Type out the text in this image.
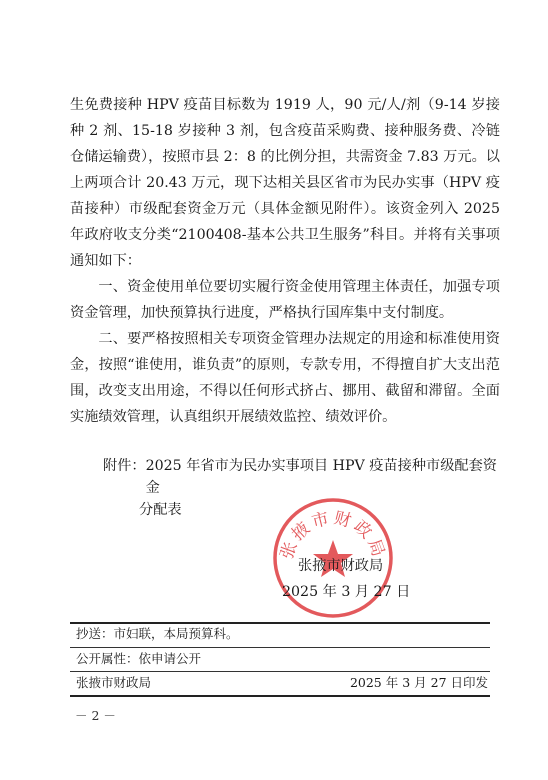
生免费接种 HPV 疫苗目标数为 1919 人，90 元/人/剂（9-14 岁接种 2 剂、15-18 岁接种 3 剂，包含疫苗采购费、接种服务费、冷链仓储运输费），按照市县 2：8 的比例分担，共需资金 7.83 万元。以上两项合计 20.43 万元，现下达相关县区省市为民办实事（HPV 疫苗接种）市级配套资金万元（具体金额见附件）。该资金列入 2025 年政府收支分类“2100408-基本公共卫生服务”科目。并将有关事项通知如下：

一、资金使用单位要切实履行资金使用管理主体责任，加强专项资金管理，加快预算执行进度，严格执行国库集中支付制度。

二、要严格按照相关专项资金管理办法规定的用途和标准使用资金，按照“谁使用，谁负责”的原则，专款专用，不得擅自扩大支出范围，改变支出用途，不得以任何形式挤占、挪用、截留和滞留。全面实施绩效管理，认真组织开展绩效监控、绩效评价。

附件： 2025 年省市为民办实事项目 HPV 疫苗接种市级配套资金
分配表
张掖市财政局
张掖市财政局
2025 年 3 月 27 日
抄送：市妇联，本局预算科。
公开属性：依申请公开
张掖市财政局	2025 年 3 月 27 日印发
－ 2 －
